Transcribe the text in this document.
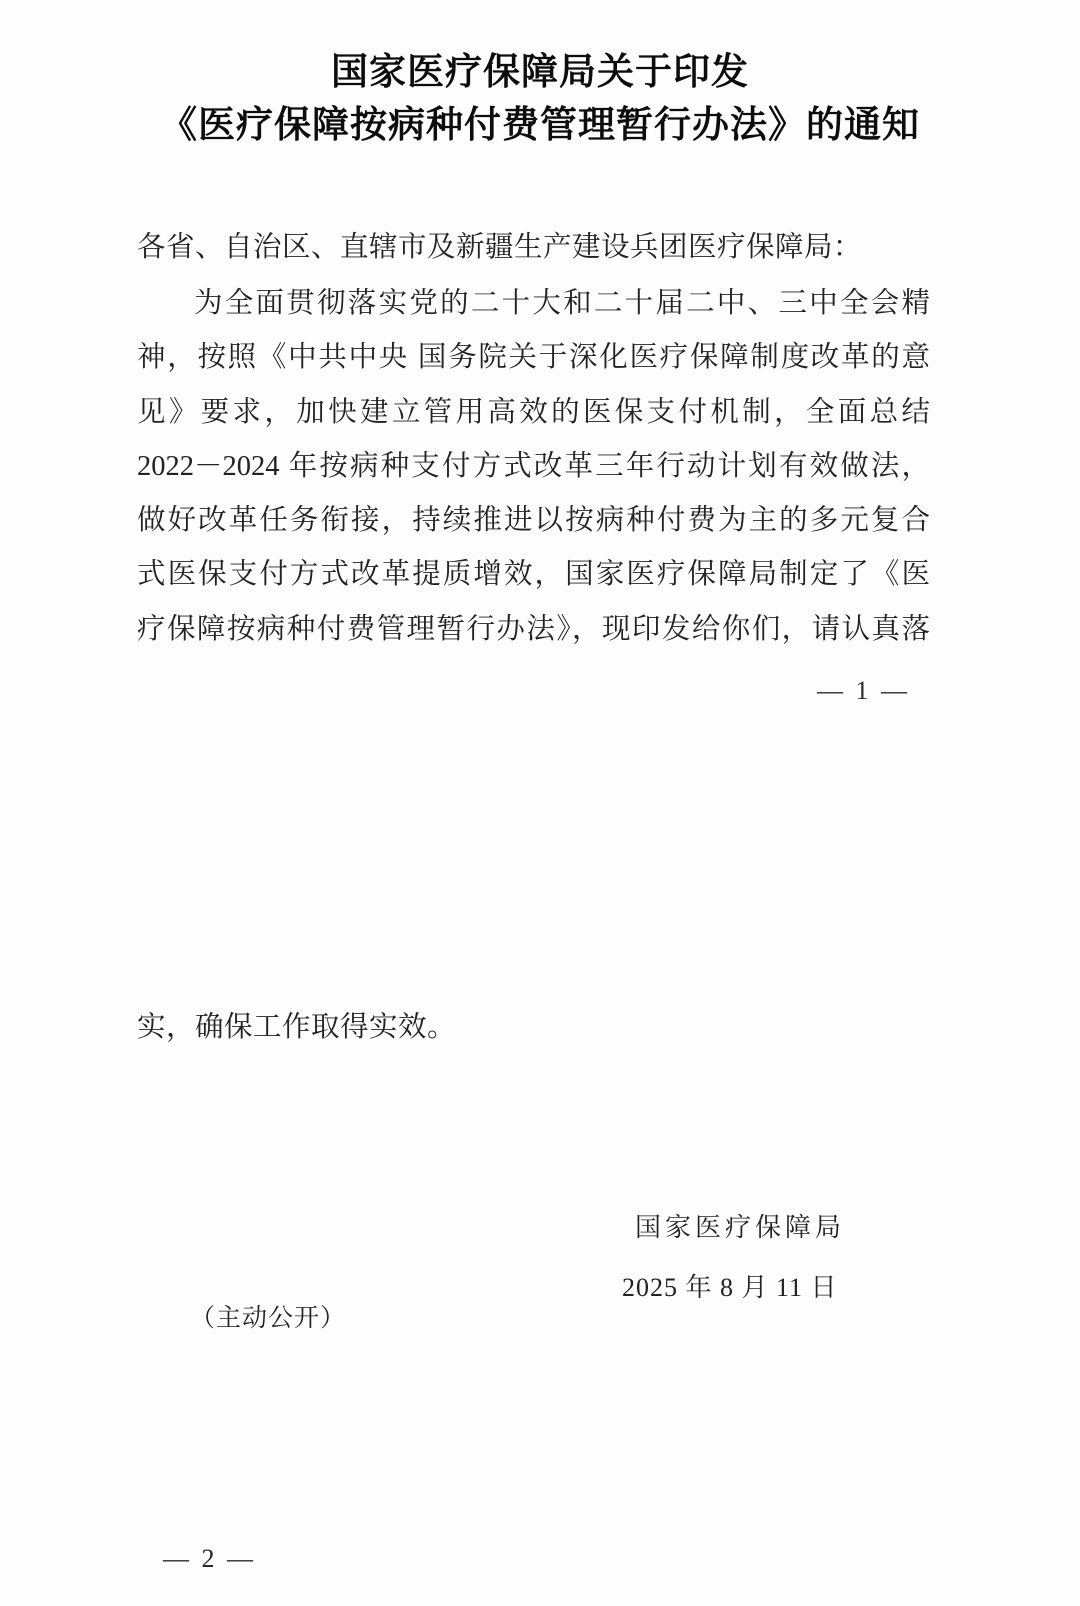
国家医疗保障局关于印发
《医疗保障按病种付费管理暂行办法》的通知
各省、自治区、直辖市及新疆生产建设兵团医疗保障局：
为全面贯彻落实党的二十大和二十届二中、三中全会精
神，按照《中共中央 国务院关于深化医疗保障制度改革的意
见》要求，加快建立管用高效的医保支付机制，全面总结
2022－2024 年按病种支付方式改革三年行动计划有效做法，
做好改革任务衔接，持续推进以按病种付费为主的多元复合
式医保支付方式改革提质增效，国家医疗保障局制定了《医
疗保障按病种付费管理暂行办法》，现印发给你们，请认真落
— 1 —
实，确保工作取得实效。
国家医疗保障局
2025 年 8 月 11 日
（主动公开）
— 2 —
